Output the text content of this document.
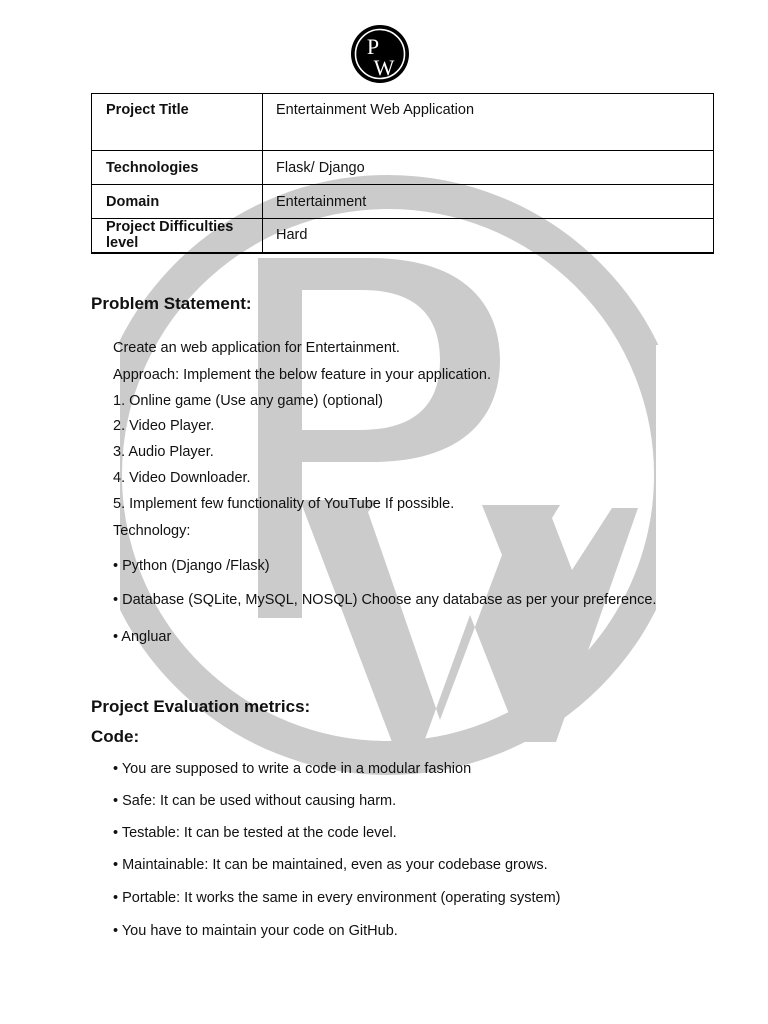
P
W
Project Title	Entertainment Web Application
Technologies	Flask/ Django
Domain	Entertainment
Project Difficulties level	Hard
Problem Statement:

Create an web application for Entertainment.

Approach: Implement the below feature in your application.

1. Online game (Use any game) (optional)

2. Video Player.

3. Audio Player.

4. Video Downloader.

5. Implement few functionality of YouTube If possible.

Technology:

• Python (Django /Flask)

• Database (SQLite, MySQL, NOSQL) Choose any database as per your preference.

• Angluar

Project Evaluation metrics:
Code:

• You are supposed to write a code in a modular fashion

• Safe: It can be used without causing harm.

• Testable: It can be tested at the code level.

• Maintainable: It can be maintained, even as your codebase grows.

• Portable: It works the same in every environment (operating system)

• You have to maintain your code on GitHub.
